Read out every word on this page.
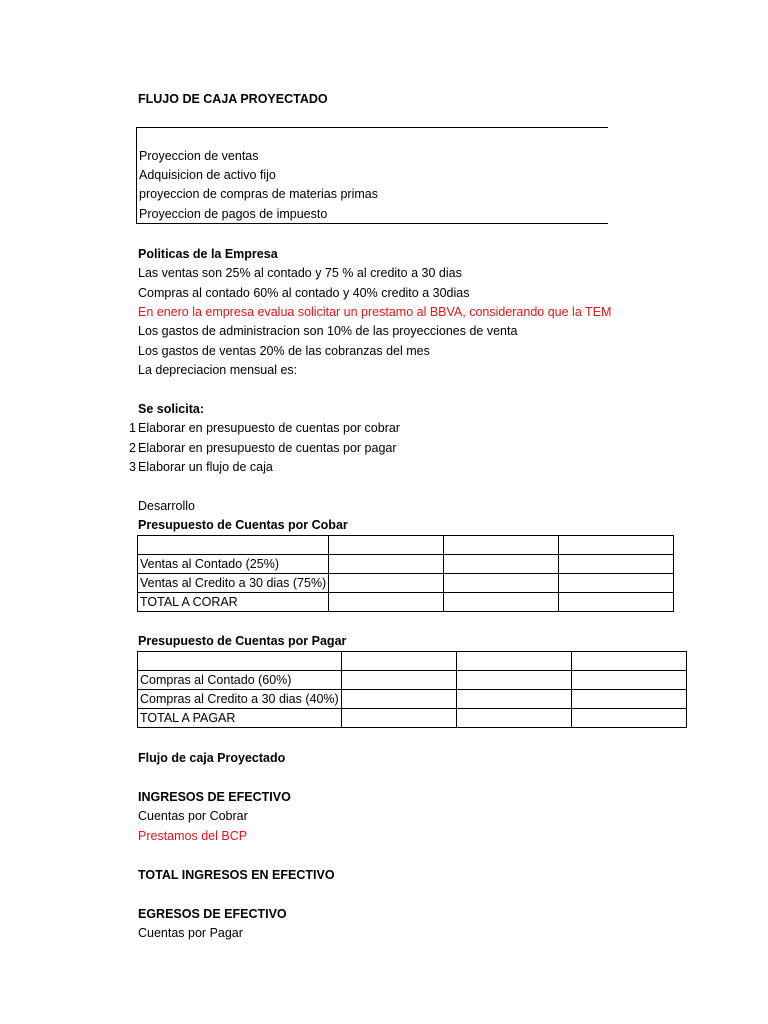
FLUJO DE CAJA PROYECTADO
Proyeccion de ventas
Adquisicion de activo fijo
proyeccion de compras de materias primas
Proyeccion de pagos de impuesto
Politicas de la Empresa
Las ventas son 25% al contado y 75 % al credito a 30 dias
Compras al contado 60% al contado y 40% credito a 30dias
En enero la empresa evalua solicitar un prestamo al BBVA, considerando que la TEM
Los gastos de administracion son 10% de las proyecciones de venta
Los gastos de ventas 20% de las cobranzas del mes
La depreciacion mensual es:
Se solicita:
1 Elaborar en presupuesto de cuentas por cobrar
2 Elaborar en presupuesto de cuentas por pagar
3 Elaborar un flujo de caja
Desarrollo
Presupuesto de Cuentas por Cobar

Ventas al Contado (25%)			
Ventas al Credito a 30 dias (75%)			
TOTAL A CORAR			
Presupuesto de Cuentas por Pagar

Compras al Contado (60%)			
Compras al Credito a 30 dias (40%)			
TOTAL A PAGAR			
Flujo de caja Proyectado
INGRESOS DE EFECTIVO
Cuentas por Cobrar
Prestamos del BCP
TOTAL INGRESOS EN EFECTIVO
EGRESOS DE EFECTIVO
Cuentas por Pagar
